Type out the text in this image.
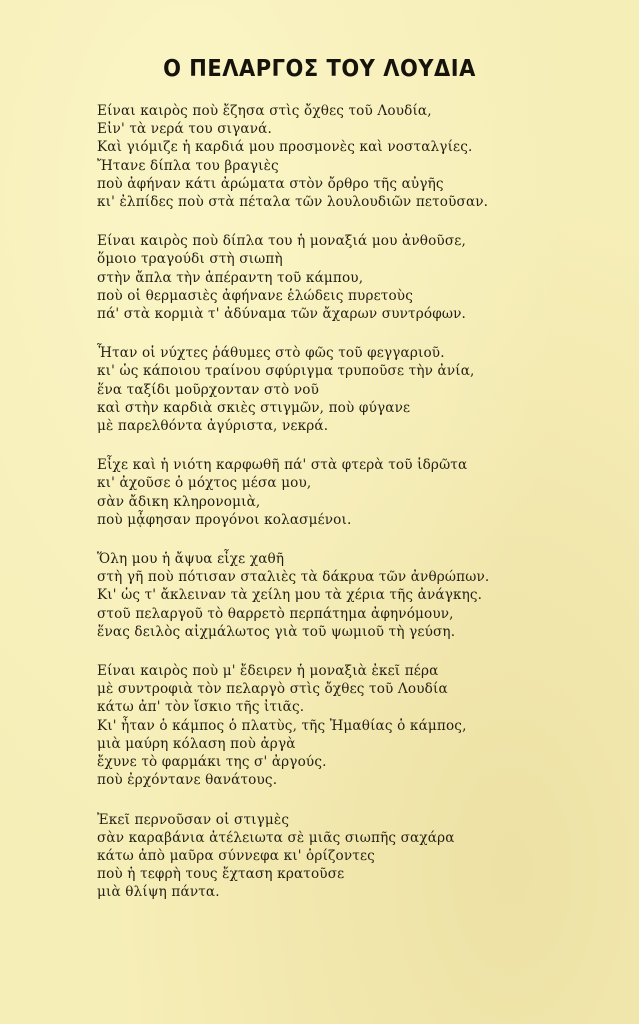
Ο ΠΕΛΑΡΓΟΣ ΤΟΥ ΛΟΥΔΙΑ
Είναι καιρὸς ποὺ ἔζησα στὶς ὄχθες τοῦ Λουδία,
Εἰν' τὰ νερά του σιγανά.
Καὶ γιόμιζε ἡ καρδιά μου προσμονὲς καὶ νοσταλγίες.
Ἤτανε δίπλα του βραγιὲς
ποὺ ἀφήναν κάτι ἀρώματα στὸν ὄρθρο τῆς αὐγῆς
κι' ἐλπίδες ποὺ στὰ πέταλα τῶν λουλουδιῶν πετοῦσαν.
Είναι καιρὸς ποὺ δίπλα του ἡ μοναξιά μου ἀνθοῦσε,
ὅμοιο τραγούδι στὴ σιωπὴ
στὴν ἄπλα τὴν ἀπέραντη τοῦ κάμπου,
ποὺ οἱ θερμασιὲς ἀφήνανε ἑλώδεις πυρετοὺς
πά' στὰ κορμιὰ τ' ἀδύναμα τῶν ἄχαρων συντρόφων.
Ἦταν οἱ νύχτες ῥάθυμες στὸ φῶς τοῦ φεγγαριοῦ.
κι' ὡς κάποιου τραίνου σφύριγμα τρυποῦσε τὴν ἀνία,
ἕνα ταξίδι μοῦρχονταν στὸ νοῦ
καὶ στὴν καρδιὰ σκιὲς στιγμῶν, ποὺ φύγανε
μὲ παρελθόντα ἀγύριστα, νεκρά.
Εἶχε καὶ ἡ νιότη καρφωθῆ πά' στὰ φτερὰ τοῦ ἱδρῶτα
κι' ἀχοῦσε ὁ μόχτος μέσα μου,
σὰν ἄδικη κληρονομιὰ,
ποὺ μᾆφησαν προγόνοι κολασμένοι.
Ὅλη μου ἡ ἄψυα εἶχε χαθῆ
στὴ γῆ ποὺ πότισαν σταλιὲς τὰ δάκρυα τῶν ἀνθρώπων.
Κι' ὡς τ' ἄκλειναν τὰ χείλη μου τὰ χέρια τῆς ἀνάγκης.
στοῦ πελαργοῦ τὸ θαρρετὸ περπάτημα ἀφηνόμουν,
ἕνας δειλὸς αἰχμάλωτος γιὰ τοῦ ψωμιοῦ τὴ γεύση.
Είναι καιρὸς ποὺ μ' ἔδειρεν ἡ μοναξιὰ ἐκεῖ πέρα
μὲ συντροφιὰ τὸν πελαργὸ στὶς ὄχθες τοῦ Λουδία
κάτω ἀπ' τὸν ἴσκιο τῆς ἰτιᾶς.
Κι' ἦταν ὁ κάμπος ὁ πλατὺς, τῆς Ἠμαθίας ὁ κάμπος,
μιὰ μαύρη κόλαση ποὺ ἀργὰ
ἔχυνε τὸ φαρμάκι της σ' ἀργούς.
ποὺ ἐρχόντανε θανάτους.
Ἐκεῖ περνοῦσαν οἱ στιγμὲς
σὰν καραβάνια ἀτέλειωτα σὲ μιᾶς σιωπῆς σαχάρα
κάτω ἀπὸ μαῦρα σύννεφα κι' ὁρίζοντες
ποὺ ἡ τεφρὴ τους ἔχταση κρατοῦσε
μιὰ θλίψη πάντα.
